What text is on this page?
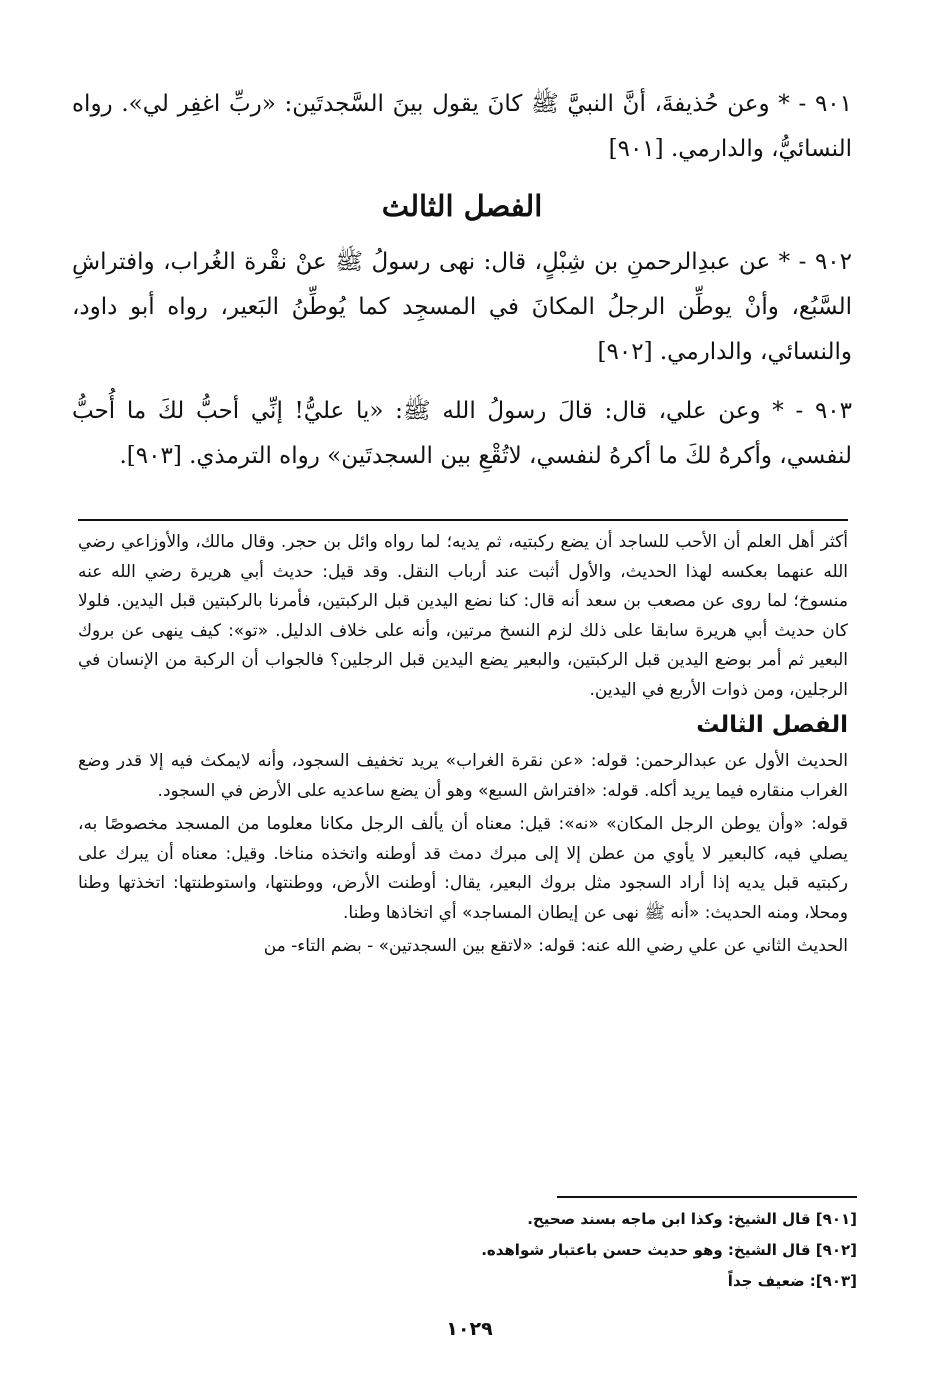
٩٠١ - * وعن حُذيفةَ، أنَّ النبيَّ ﷺ كانَ يقول بينَ السَّجدتَين: «ربِّ اغفِر لي». رواه النسائيُّ، والدارمي. [٩٠١]

الفصل الثالث

٩٠٢ - * عن عبدِالرحمنِ بن شِبْلٍ، قال: نهى رسولُ ﷺ عنْ نقْرة الغُراب، وافتراشِ السَّبُع، وأنْ يوطِّن الرجلُ المكانَ في المسجِد كما يُوطِّنُ البَعير، رواه أبو داود، والنسائي، والدارمي. [٩٠٢]

٩٠٣ - * وعن علي، قال: قالَ رسولُ الله ﷺ: «يا عليُّ! إنِّي أحبُّ لكَ ما أُحبُّ لنفسي، وأكرهُ لكَ ما أكرهُ لنفسي، لاتُقْعِ بين السجدتَين» رواه الترمذي. [٩٠٣].

أكثر أهل العلم أن الأحب للساجد أن يضع ركبتيه، ثم يديه؛ لما رواه وائل بن حجر. وقال مالك، والأوزاعي رضي الله عنهما بعكسه لهذا الحديث، والأول أثبت عند أرباب النقل. وقد قيل: حديث أبي هريرة رضي الله عنه منسوخ؛ لما روى عن مصعب بن سعد أنه قال: كنا نضع اليدين قبل الركبتين، فأمرنا بالركبتين قبل اليدين. فلولا كان حديث أبي هريرة سابقا على ذلك لزم النسخ مرتين، وأنه على خلاف الدليل. «تو»: كيف ينهى عن بروك البعير ثم أمر بوضع اليدين قبل الركبتين، والبعير يضع اليدين قبل الرجلين؟ فالجواب أن الركبة من الإنسان في الرجلين، ومن ذوات الأربع في اليدين.

الفصل الثالث

الحديث الأول عن عبدالرحمن: قوله: «عن نقرة الغراب» يريد تخفيف السجود، وأنه لايمكث فيه إلا قدر وضع الغراب منقاره فيما يريد أكله. قوله: «افتراش السبع» وهو أن يضع ساعديه على الأرض في السجود.

قوله: «وأن يوطن الرجل المكان» «نه»: قيل: معناه أن يألف الرجل مكانا معلوما من المسجد مخصوصًا به، يصلي فيه، كالبعير لا يأوي من عطن إلا إلى مبرك دمث قد أوطنه واتخذه مناخا. وقيل: معناه أن يبرك على ركبتيه قبل يديه إذا أراد السجود مثل بروك البعير، يقال: أوطنت الأرض، ووطنتها، واستوطنتها: اتخذتها وطنا ومحلا، ومنه الحديث: «أنه ﷺ نهى عن إيطان المساجد» أي اتخاذها وطنا.

الحديث الثاني عن علي رضي الله عنه: قوله: «لاتقع بين السجدتين» - بضم التاء- من

[٩٠١] قال الشيخ: وكذا ابن ماجه بسند صحيح.
[٩٠٢] قال الشيخ: وهو حديث حسن باعتبار شواهده.
[٩٠٣]: ضعيف جداً
١٠٢٩
